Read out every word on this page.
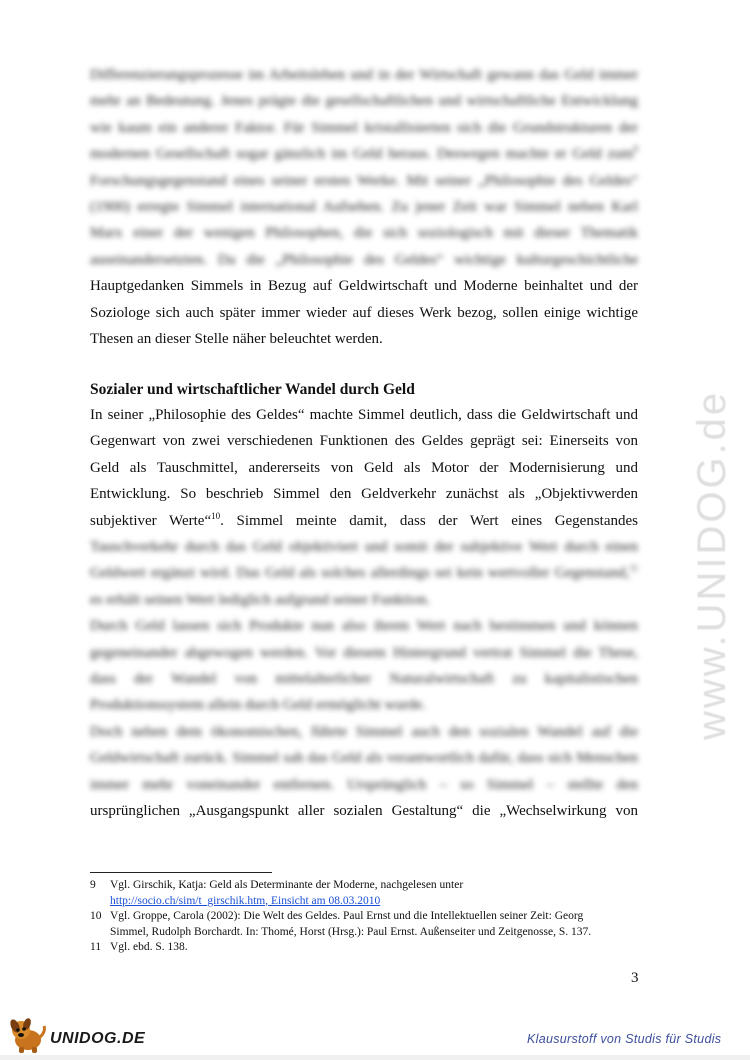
Differenzierungsprozesse im Arbeitsleben und in der Wirtschaft gewann das Geld immer
mehr an Bedeutung. Jenes prägte die gesellschaftlichen und wirtschaftliche Entwicklung
wie kaum ein anderer Faktor. Für Simmel kristallisierten sich die Grundstrukturen der
modernen Gesellschaft sogar gänzlich im Geld heraus. Deswegen machte er Geld zum$^9$
Forschungsgegenstand eines seiner ersten Werke. Mit seiner „Philosophie des Geldes“
(1900) erregte Simmel international Aufsehen. Zu jener Zeit war Simmel neben Karl
Marx einer der wenigen Philosophen, die sich soziologisch mit dieser Thematik
auseinandersetzten. Da die „Philosophie des Geldes“ wichtige kulturgeschichtliche
Hauptgedanken Simmels in Bezug auf Geldwirtschaft und Moderne beinhaltet und der
Soziologe sich auch später immer wieder auf dieses Werk bezog, sollen einige wichtige
Thesen an dieser Stelle näher beleuchtet werden.
Sozialer und wirtschaftlicher Wandel durch Geld
In seiner „Philosophie des Geldes“ machte Simmel deutlich, dass die Geldwirtschaft und
Gegenwart von zwei verschiedenen Funktionen des Geldes geprägt sei: Einerseits von
Geld als Tauschmittel, andererseits von Geld als Motor der Modernisierung und
Entwicklung. So beschrieb Simmel den Geldverkehr zunächst als „Objektivwerden
subjektiver Werte“$^{10}$. Simmel meinte damit, dass der Wert eines Gegenstandes
Tauschverkehr durch das Geld objektiviert und somit der subjektive Wert durch einen
Geldwert ergänzt wird. Das Geld als solches allerdings sei kein wertvoller Gegenstand,$^{11}$
es erhält seinen Wert lediglich aufgrund seiner Funktion.
Durch Geld lassen sich Produkte nun also ihrem Wert nach bestimmen und können
gegeneinander abgewogen werden. Vor diesem Hintergrund vertrat Simmel die These,
dass der Wandel von mittelalterlicher Naturalwirtschaft zu kapitalistischen
Produktionssystem allein durch Geld ermöglicht wurde.
Doch neben dem ökonomischen, führte Simmel auch den sozialen Wandel auf die
Geldwirtschaft zurück. Simmel sah das Geld als verantwortlich dafür, dass sich Menschen
immer mehr voneinander entfernen. Ursprünglich – so Simmel – stellte den
ursprünglichen „Ausgangspunkt aller sozialen Gestaltung“ die „Wechselwirkung von
9	Vgl. Girschik, Katja: Geld als Determinante der Moderne, nachgelesen unter
http://socio.ch/sim/t_girschik.htm, Einsicht am 08.03.2010
10 Vgl. Groppe, Carola (2002): Die Welt des Geldes. Paul Ernst und die Intellektuellen seiner Zeit: Georg
Simmel, Rudolph Borchardt. In: Thomé, Horst (Hrsg.): Paul Ernst. Außenseiter und Zeitgenosse, S. 137.
11 Vgl. ebd. S. 138.
3
www.UNIDOG.de
UNIDOG.DE	Klausurstoff von Studis für Studis
